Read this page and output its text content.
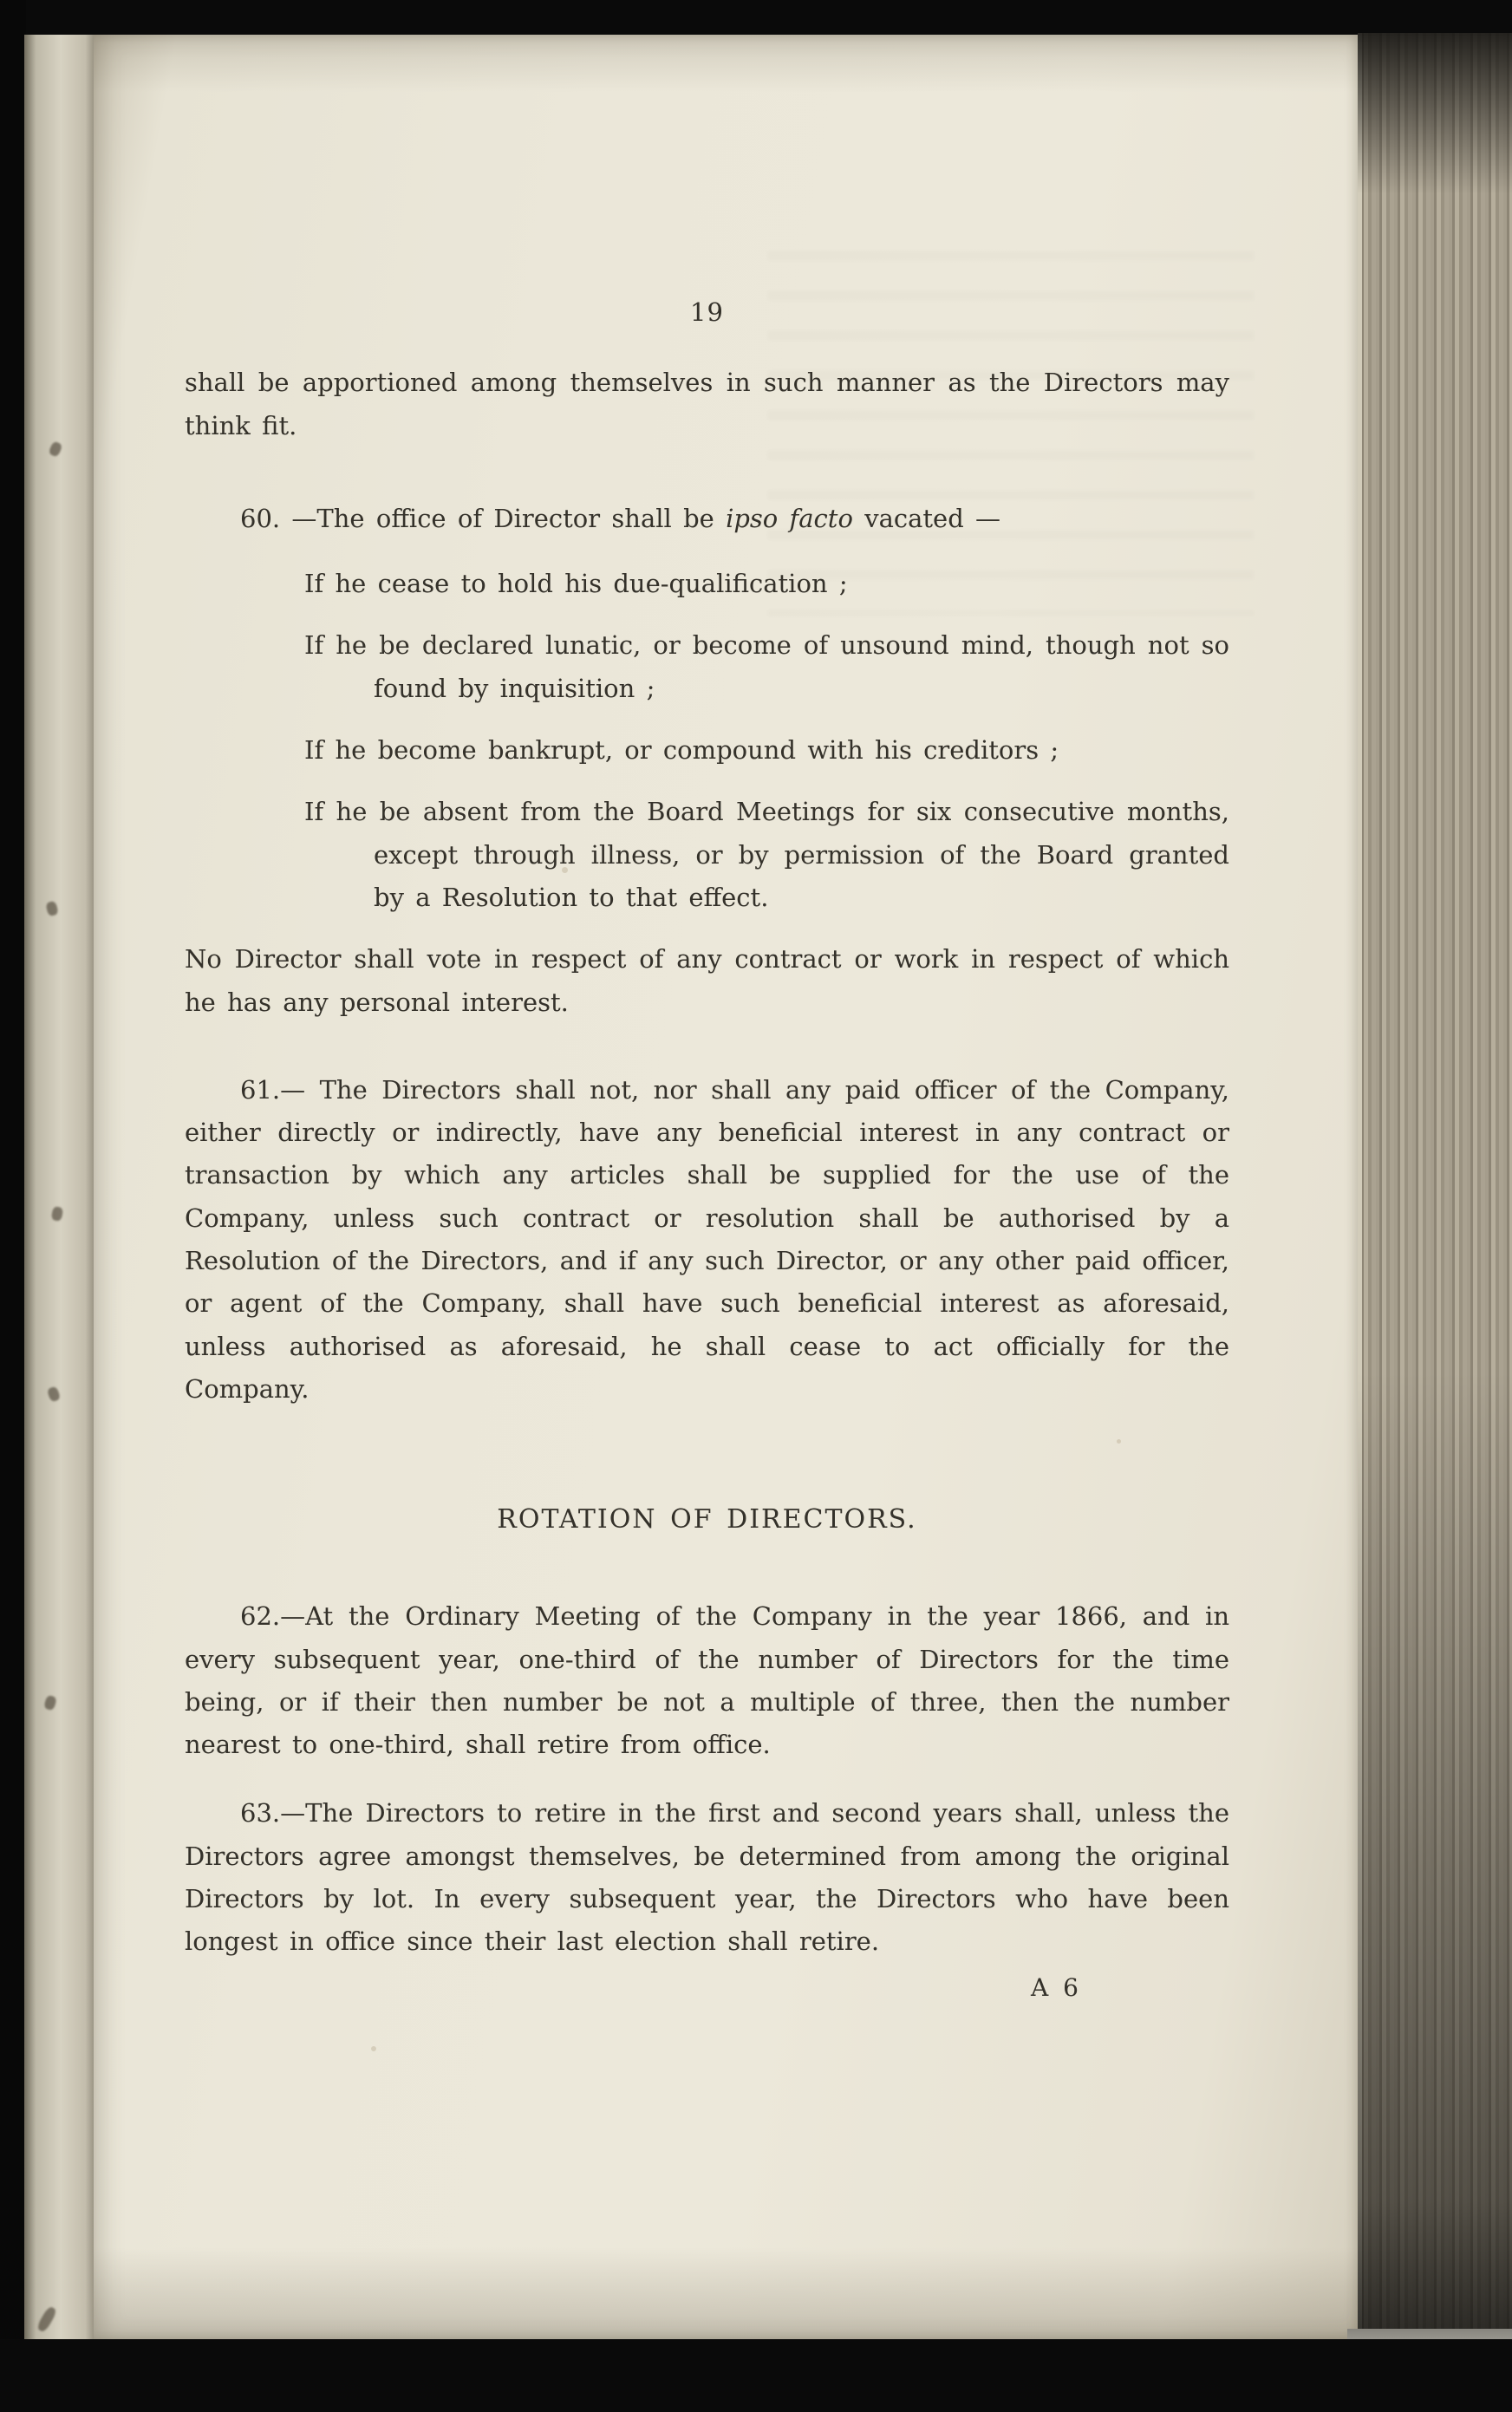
19

shall be apportioned among themselves in such manner as the Directors may think fit.

60. —The office of Director shall be ipso facto vacated —

If he cease to hold his due-qualification ;

If he be declared lunatic, or become of unsound mind, though not so found by inquisition ;

If he become bankrupt, or compound with his creditors ;

If he be absent from the Board Meetings for six consecutive months, except through illness, or by permission of the Board granted by a Resolution to that effect.

No Director shall vote in respect of any contract or work in respect of which he has any personal interest.

61.— The Directors shall not, nor shall any paid officer of the Company, either directly or indirectly, have any beneficial interest in any contract or transaction by which any articles shall be supplied for the use of the Company, unless such contract or resolution shall be authorised by a Resolution of the Directors, and if any such Director, or any other paid officer, or agent of the Company, shall have such beneficial interest as aforesaid, unless authorised as aforesaid, he shall cease to act officially for the Company.

ROTATION OF DIRECTORS.

62.—At the Ordinary Meeting of the Company in the year 1866, and in every subsequent year, one-third of the number of Directors for the time being, or if their then number be not a multiple of three, then the number nearest to one-third, shall retire from office.

63.—The Directors to retire in the first and second years shall, unless the Directors agree amongst themselves, be determined from among the original Directors by lot. In every subsequent year, the Directors who have been longest in office since their last election shall retire.

A 6
